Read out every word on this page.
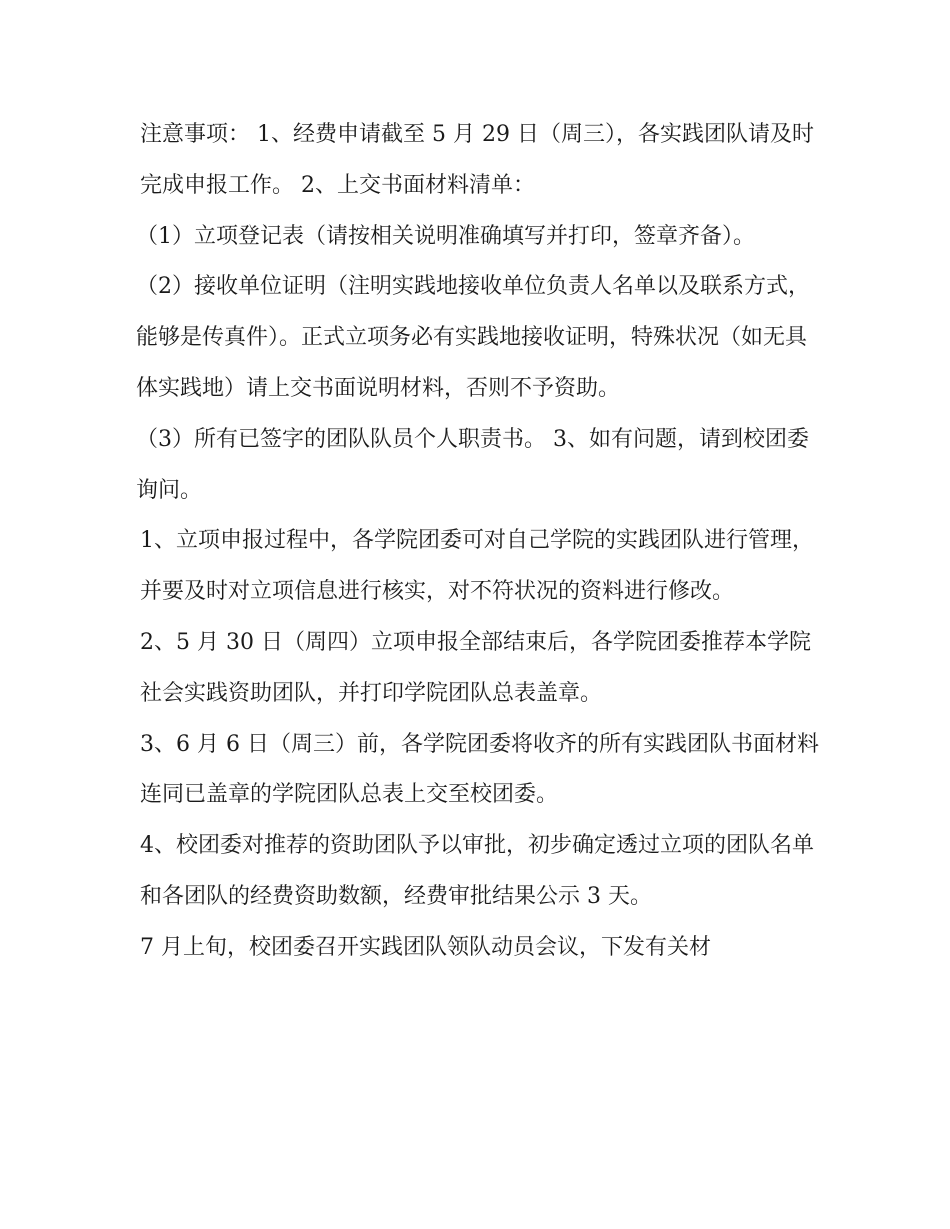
注意事项： 1、经费申请截至 5 月 29 日（周三），各实践团队请及时完成申报工作。 2、上交书面材料清单：

（1）立项登记表（请按相关说明准确填写并打印，签章齐备）。

（2）接收单位证明（注明实践地接收单位负责人名单以及联系方式，能够是传真件）。正式立项务必有实践地接收证明，特殊状况（如无具体实践地）请上交书面说明材料，否则不予资助。

（3）所有已签字的团队队员个人职责书。 3、如有问题，请到校团委询问。

1、立项申报过程中，各学院团委可对自己学院的实践团队进行管理，并要及时对立项信息进行核实，对不符状况的资料进行修改。

2、5 月 30 日（周四）立项申报全部结束后，各学院团委推荐本学院社会实践资助团队，并打印学院团队总表盖章。

3、6 月 6 日（周三）前，各学院团委将收齐的所有实践团队书面材料连同已盖章的学院团队总表上交至校团委。

4、校团委对推荐的资助团队予以审批，初步确定透过立项的团队名单和各团队的经费资助数额，经费审批结果公示 3 天。

7 月上旬，校团委召开实践团队领队动员会议，下发有关材
